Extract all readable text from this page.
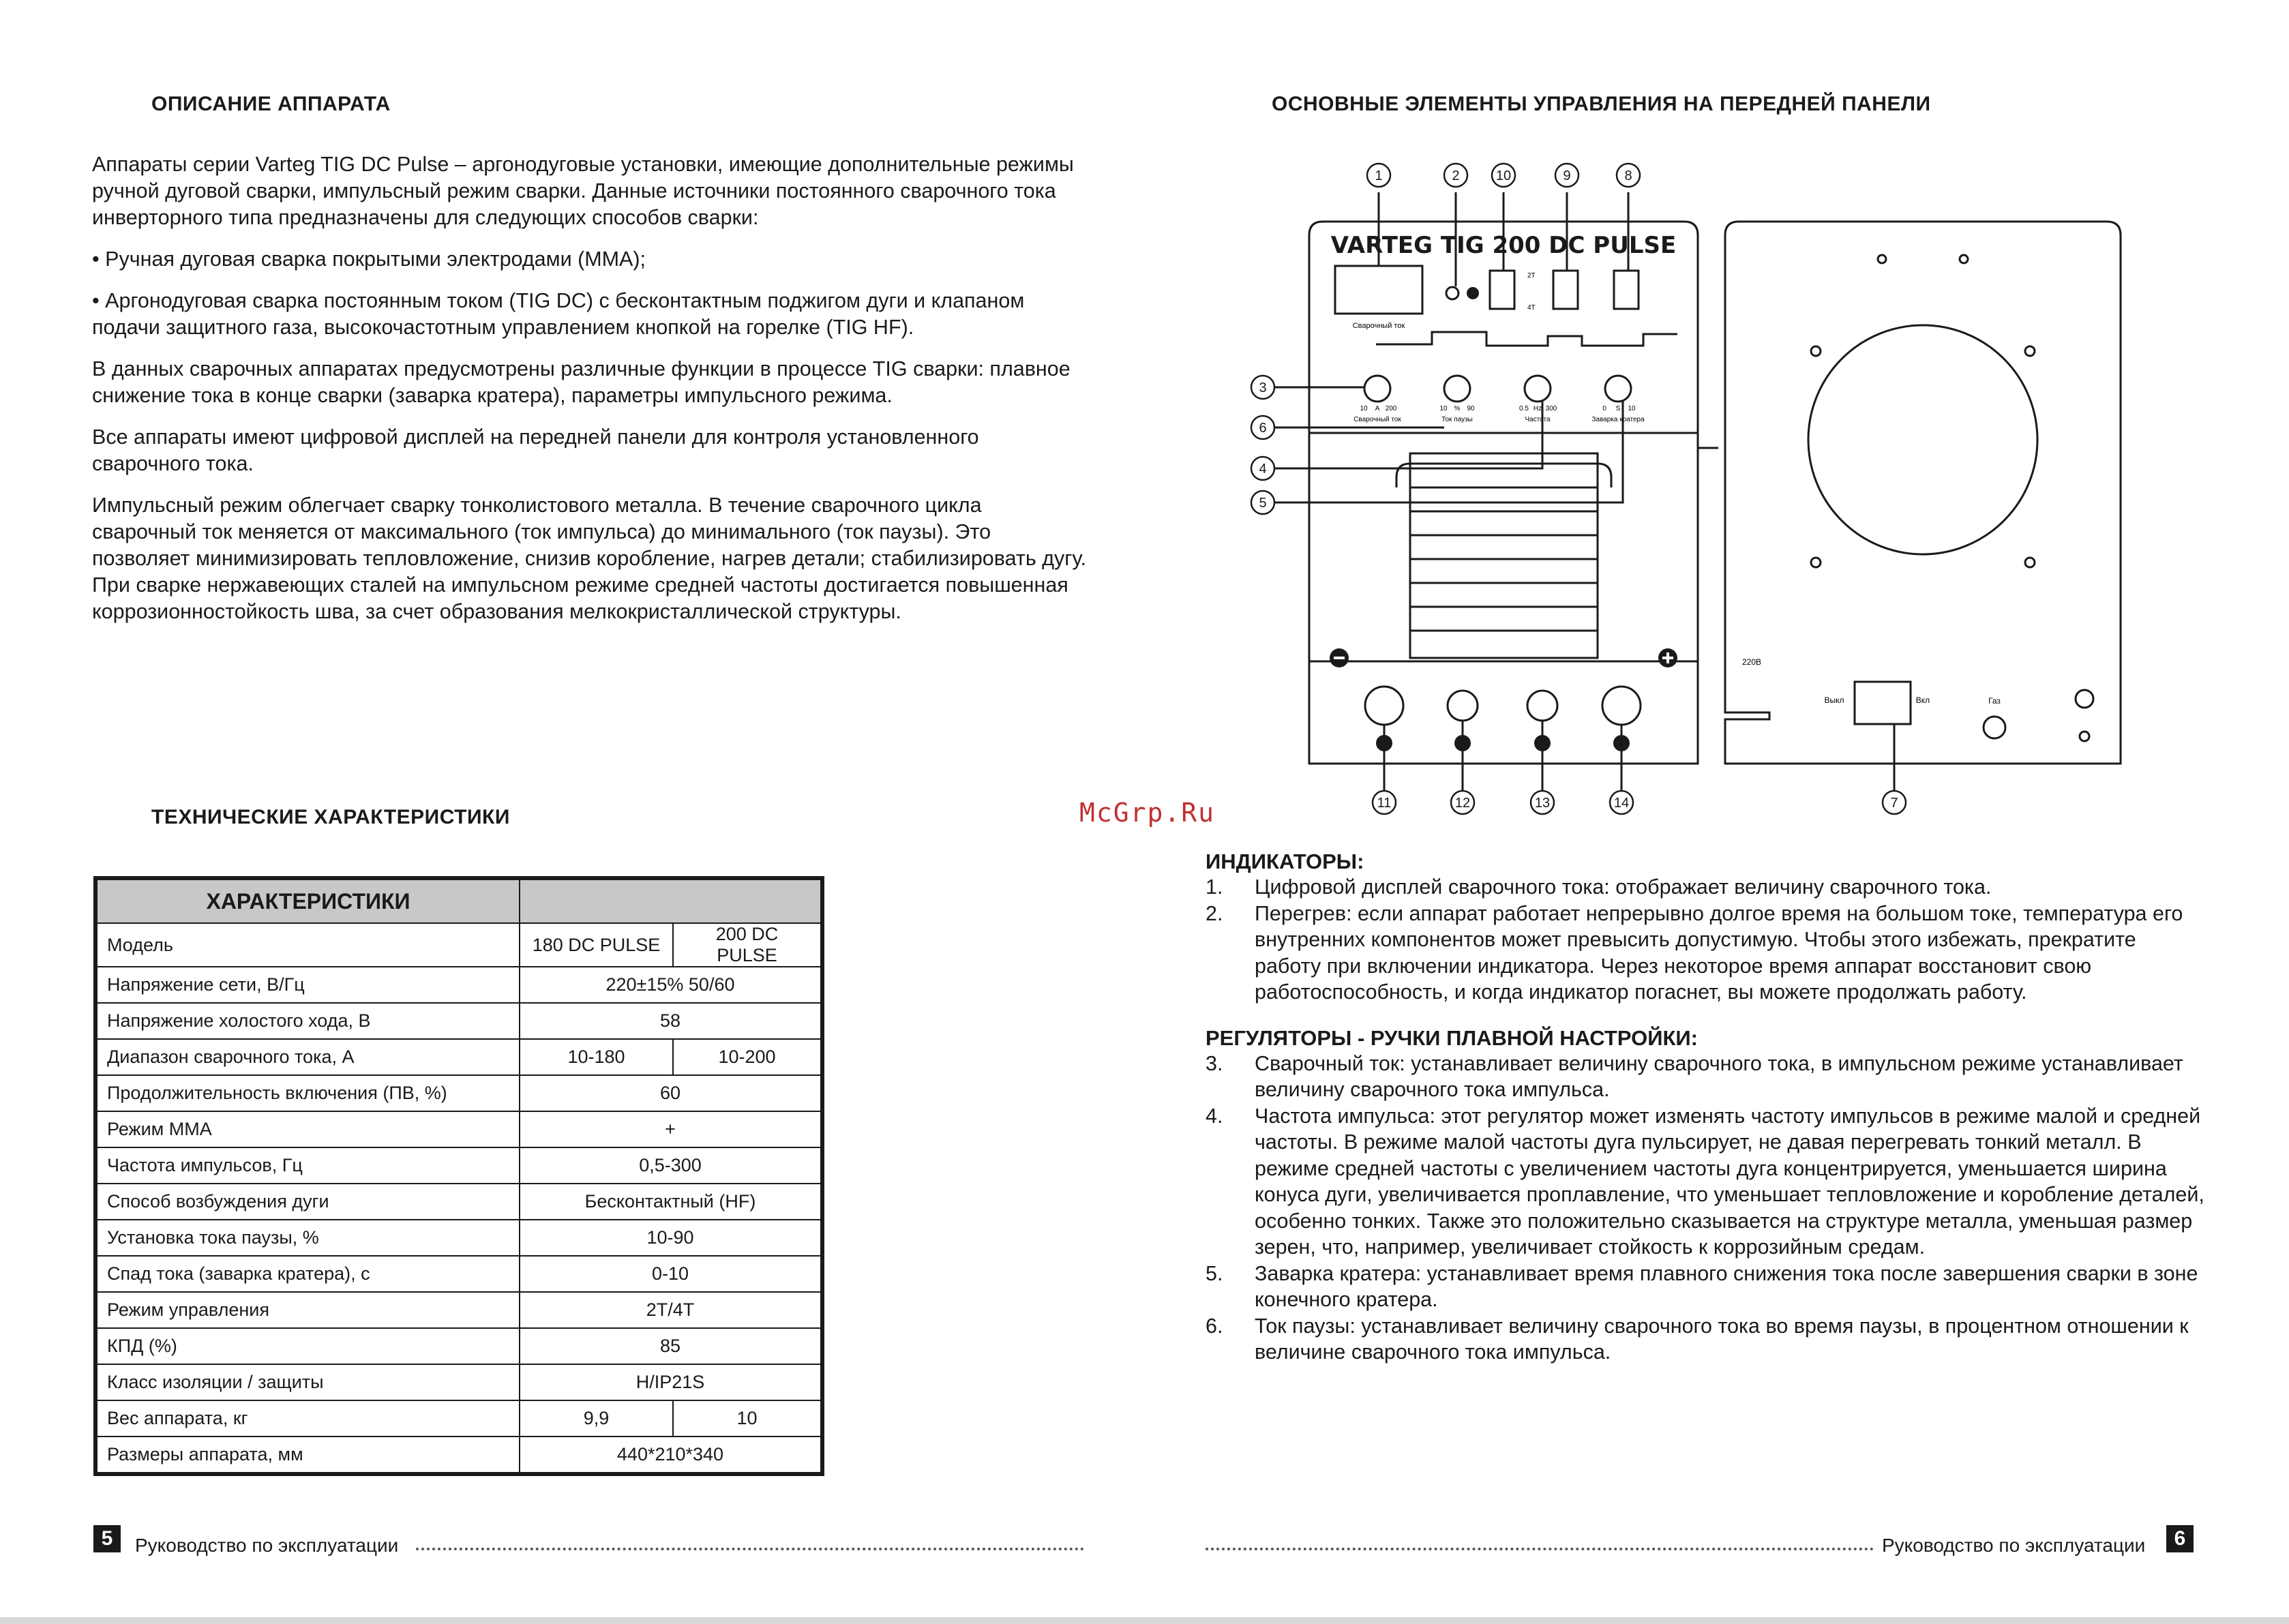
ОПИСАНИЕ АППАРАТА

Аппараты серии Varteg TIG DC Pulse – аргонодуговые установки, имеющие дополнительные режимы ручной дуговой сварки, импульсный режим сварки. Данные источники постоянного сварочного тока инверторного типа предназначены для следующих способов сварки:

• Ручная дуговая сварка покрытыми электродами (MMA);

• Аргонодуговая сварка постоянным током (TIG DC) с бесконтактным поджигом дуги и клапаном подачи защитного газа, высокочастотным управлением кнопкой на горелке (TIG HF).

В данных сварочных аппаратах предусмотрены различные функции в процессе TIG сварки: плавное снижение тока в конце сварки (заварка кратера), параметры импульсного режима.

Все аппараты имеют цифровой дисплей на передней панели для контроля установленного сварочного тока.

Импульсный режим облегчает сварку тонколистового металла. В течение сварочного цикла сварочный ток меняется от максимального (ток импульса) до минимального (ток паузы). Это позволяет минимизировать тепловложение, снизив коробление, нагрев детали; стабилизировать дугу. При сварке нержавеющих сталей на импульсном режиме средней частоты достигается повышенная коррозионностойкость шва, за счет образования мелкокристаллической структуры.

ТЕХНИЧЕСКИЕ ХАРАКТЕРИСТИКИ
ХАРАКТЕРИСТИКИ		
Модель	180 DC PULSE	200 DC PULSE
Напряжение сети, В/Гц	220±15% 50/60	
Напряжение холостого хода, В	58	
Диапазон сварочного тока, А	10-180	10-200
Продолжительность включения (ПВ, %)	60	
Режим ММА	+	
Частота импульсов, Гц	0,5-300	
Способ возбуждения дуги	Бесконтактный (HF)	
Установка тока паузы, %	10-90	
Спад тока (заварка кратера), с	0-10	
Режим управления	2T/4T	
КПД (%)	85	
Класс изоляции / защиты	H/IP21S	
Вес аппарата, кг	9,9	10
Размеры аппарата, мм	440*210*340	
5	Руководство по эксплуатации
McGrp.Ru
ОСНОВНЫЕ ЭЛЕМЕНТЫ УПРАВЛЕНИЯ НА ПЕРЕДНЕЙ ПАНЕЛИ
1	2	10	9	8
3
6
4
5
11	12	13	14	7
VARTEG TIG 200 DC PULSE
Сварочный ток
2T
4T
10 A 200
Сварочный ток
10 % 90
Ток паузы
0.5 Hz 300
Частота
0 S 10
Заварка кратера
220В
Выкл	Вкл	Газ

ИНДИКАТОРЫ:

1.	Цифровой дисплей сварочного тока: отображает величину сварочного тока.
2.	Перегрев: если аппарат работает непрерывно долгое время на большом токе, температура его внутренних компонентов может превысить допустимую. Чтобы этого избежать, прекратите работу при включении индикатора. Через некоторое время аппарат восстановит свою работоспособность, и когда индикатор погаснет, вы можете продолжать работу.

РЕГУЛЯТОРЫ - РУЧКИ ПЛАВНОЙ НАСТРОЙКИ:

3.	Сварочный ток: устанавливает величину сварочного тока, в импульсном режиме устанавливает величину сварочного тока импульса.
4.	Частота импульса: этот регулятор может изменять частоту импульсов в режиме малой и средней частоты. В режиме малой частоты дуга пульсирует, не давая перегревать тонкий металл. В режиме средней частоты с увеличением частоты дуга концентрируется, уменьшается ширина конуса дуги, увеличивается проплавление, что уменьшает тепловложение и коробление деталей, особенно тонких. Также это положительно сказывается на структуре металла, уменьшая размер зерен, что, например, увеличивает стойкость к коррозийным средам.
5.	Заварка кратера: устанавливает время плавного снижения тока после завершения сварки в зоне конечного кратера.
6.	Ток паузы: устанавливает величину сварочного тока во время паузы, в процентном отношении к величине сварочного тока импульса.
Руководство по эксплуатации	6
